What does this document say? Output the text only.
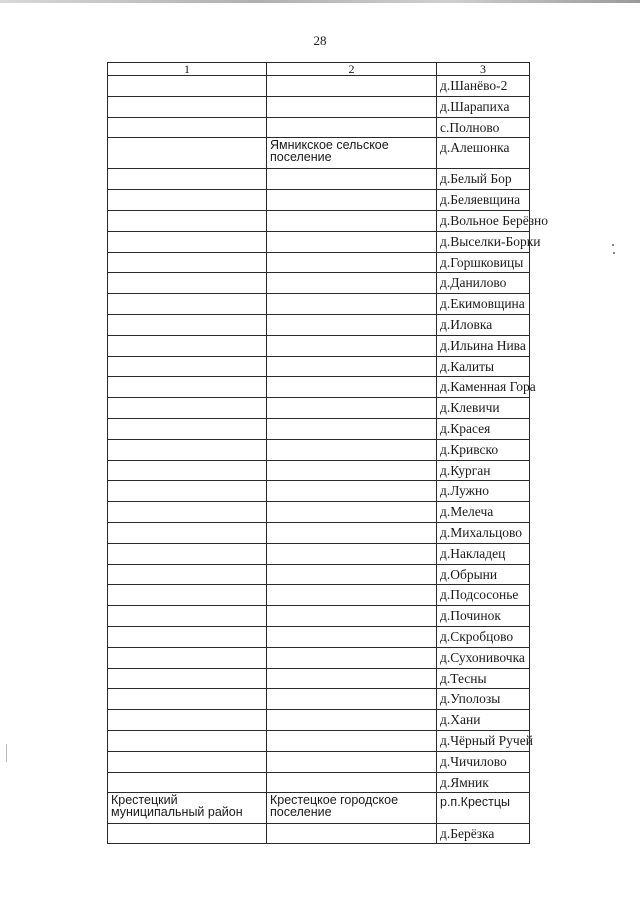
28
1	2	3

		д.Шанёво-2

		д.Шарапиха

		с.Полново

	Ямникское сельское поселение	д.Алешонка

		д.Белый Бор

		д.Беляевщина

		д.Вольное Берёзно

		д.Выселки-Борки

		д.Горшковицы

		д.Данилово

		д.Екимовщина

		д.Иловка

		д.Ильина Нива

		д.Калиты

		д.Каменная Гора

		д.Клевичи

		д.Красея

		д.Кривско

		д.Курган

		д.Лужно

		д.Мелеча

		д.Михальцово

		д.Накладец

		д.Обрыни

		д.Подсосонье

		д.Починок

		д.Скробцово

		д.Сухонивочка

		д.Тесны

		д.Уполозы

		д.Хани

		д.Чёрный Ручей

		д.Чичилово

		д.Ямник

Крестецкий муниципальный район	Крестецкое городское поселение	р.п.Крестцы

		д.Берёзка
